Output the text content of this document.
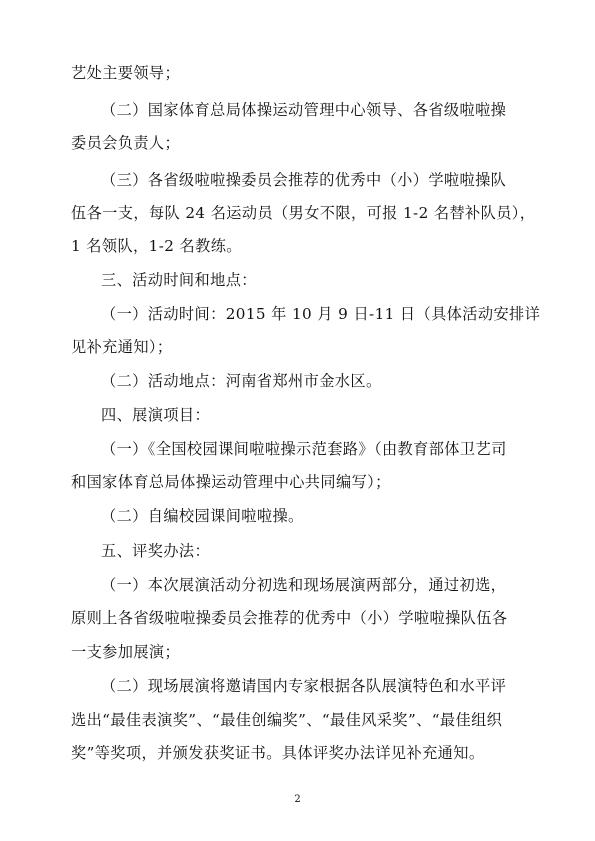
艺处主要领导；
（二）国家体育总局体操运动管理中心领导、各省级啦啦操
委员会负责人；
（三）各省级啦啦操委员会推荐的优秀中（小）学啦啦操队
伍各一支，每队 24 名运动员（男女不限，可报 1-2 名替补队员），
1 名领队，1-2 名教练。
三、活动时间和地点：
（一）活动时间：2015 年 10 月 9 日-11 日（具体活动安排详
见补充通知）；
（二）活动地点：河南省郑州市金水区。
四、展演项目：
（一）《全国校园课间啦啦操示范套路》（由教育部体卫艺司
和国家体育总局体操运动管理中心共同编写）；
（二）自编校园课间啦啦操。
五、评奖办法：
（一）本次展演活动分初选和现场展演两部分，通过初选，
原则上各省级啦啦操委员会推荐的优秀中（小）学啦啦操队伍各
一支参加展演；
（二）现场展演将邀请国内专家根据各队展演特色和水平评
选出“最佳表演奖”、“最佳创编奖”、“最佳风采奖”、“最佳组织
奖”等奖项，并颁发获奖证书。具体评奖办法详见补充通知。
2
